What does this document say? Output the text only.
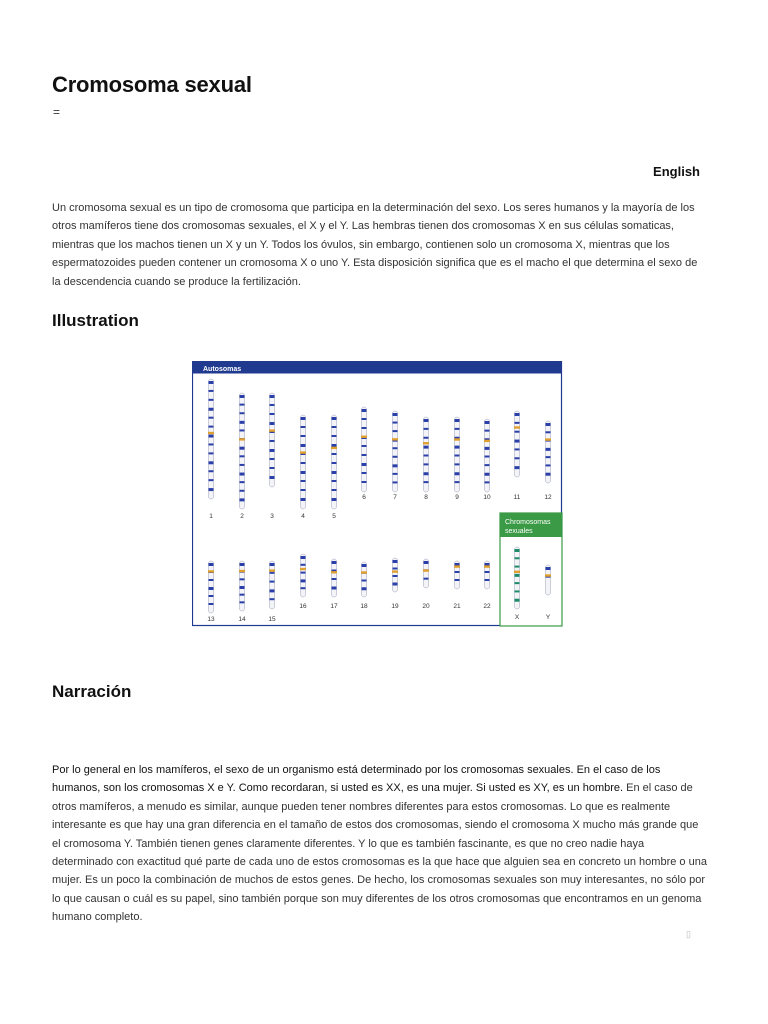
Cromosoma sexual
=
English

Un cromosoma sexual es un tipo de cromosoma que participa en la determinación del sexo. Los seres humanos y la mayoría de los otros mamíferos tiene dos cromosomas sexuales, el X y el Y. Las hembras tienen dos cromosomas X en sus células somaticas, mientras que los machos tienen un X y un Y. Todos los óvulos, sin embargo, contienen solo un cromosoma X, mientras que los espermatozoides pueden contener un cromosoma X o uno Y. Esta disposición significa que es el macho el que determina el sexo de la descendencia cuando se produce la fertilización.

Illustration
Autosomas
Chromosomas
sexuales
1	2	3	4	5
6	7	8	9	10	11	12
13	14	15
16	17	18	19	20	21	22
X	Y
Narración

Por lo general en los mamíferos, el sexo de un organismo está determinado por los cromosomas sexuales. En el caso de los humanos, son los cromosomas X e Y. Como recordaran, si usted es XX, es una mujer. Si usted es XY, es un hombre. En el caso de otros mamíferos, a menudo es similar, aunque pueden tener nombres diferentes para estos cromosomas. Lo que es realmente interesante es que hay una gran diferencia en el tamaño de estos dos cromosomas, siendo el cromosoma X mucho más grande que el cromosoma Y. También tienen genes claramente diferentes. Y lo que es también fascinante, es que no creo nadie haya determinado con exactitud qué parte de cada uno de estos cromosomas es la que hace que alguien sea en concreto un hombre o una mujer. Es un poco la combinación de muchos de estos genes. De hecho, los cromosomas sexuales son muy interesantes, no sólo por lo que causan o cuál es su papel, sino también porque son muy diferentes de los otros cromosomas que encontramos en un genoma humano completo.

▯
